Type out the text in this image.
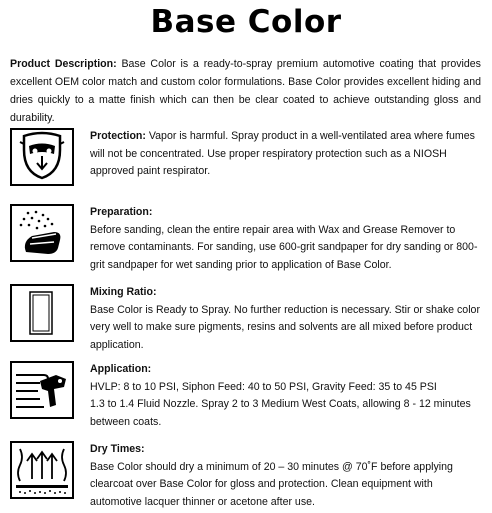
Base Color
Product Description: Base Color is a ready-to-spray premium automotive coating that provides excellent OEM color match and custom color formulations. Base Color provides excellent hiding and dries quickly to a matte finish which can then be clear coated to achieve outstanding gloss and durability.
Protection: Vapor is harmful. Spray product in a well-ventilated area where fumes will not be concentrated. Use proper respiratory protection such as a NIOSH approved paint respirator.
Preparation:
Before sanding, clean the entire repair area with Wax and Grease Remover to remove contaminants. For sanding, use 600-grit sandpaper for dry sanding or 800-grit sandpaper for wet sanding prior to application of Base Color.
Mixing Ratio:
Base Color is Ready to Spray. No further reduction is necessary. Stir or shake color very well to make sure pigments, resins and solvents are all mixed before product application.
Application:
HVLP: 8 to 10 PSI, Siphon Feed: 40 to 50 PSI, Gravity Feed: 35 to 45 PSI
1.3 to 1.4 Fluid Nozzle. Spray 2 to 3 Medium West Coats, allowing 8 - 12 minutes between coats.
Dry Times:
Base Color should dry a minimum of 20 – 30 minutes @ 70˚F before applying clearcoat over Base Color for gloss and protection. Clean equipment with automotive lacquer thinner or acetone after use.
